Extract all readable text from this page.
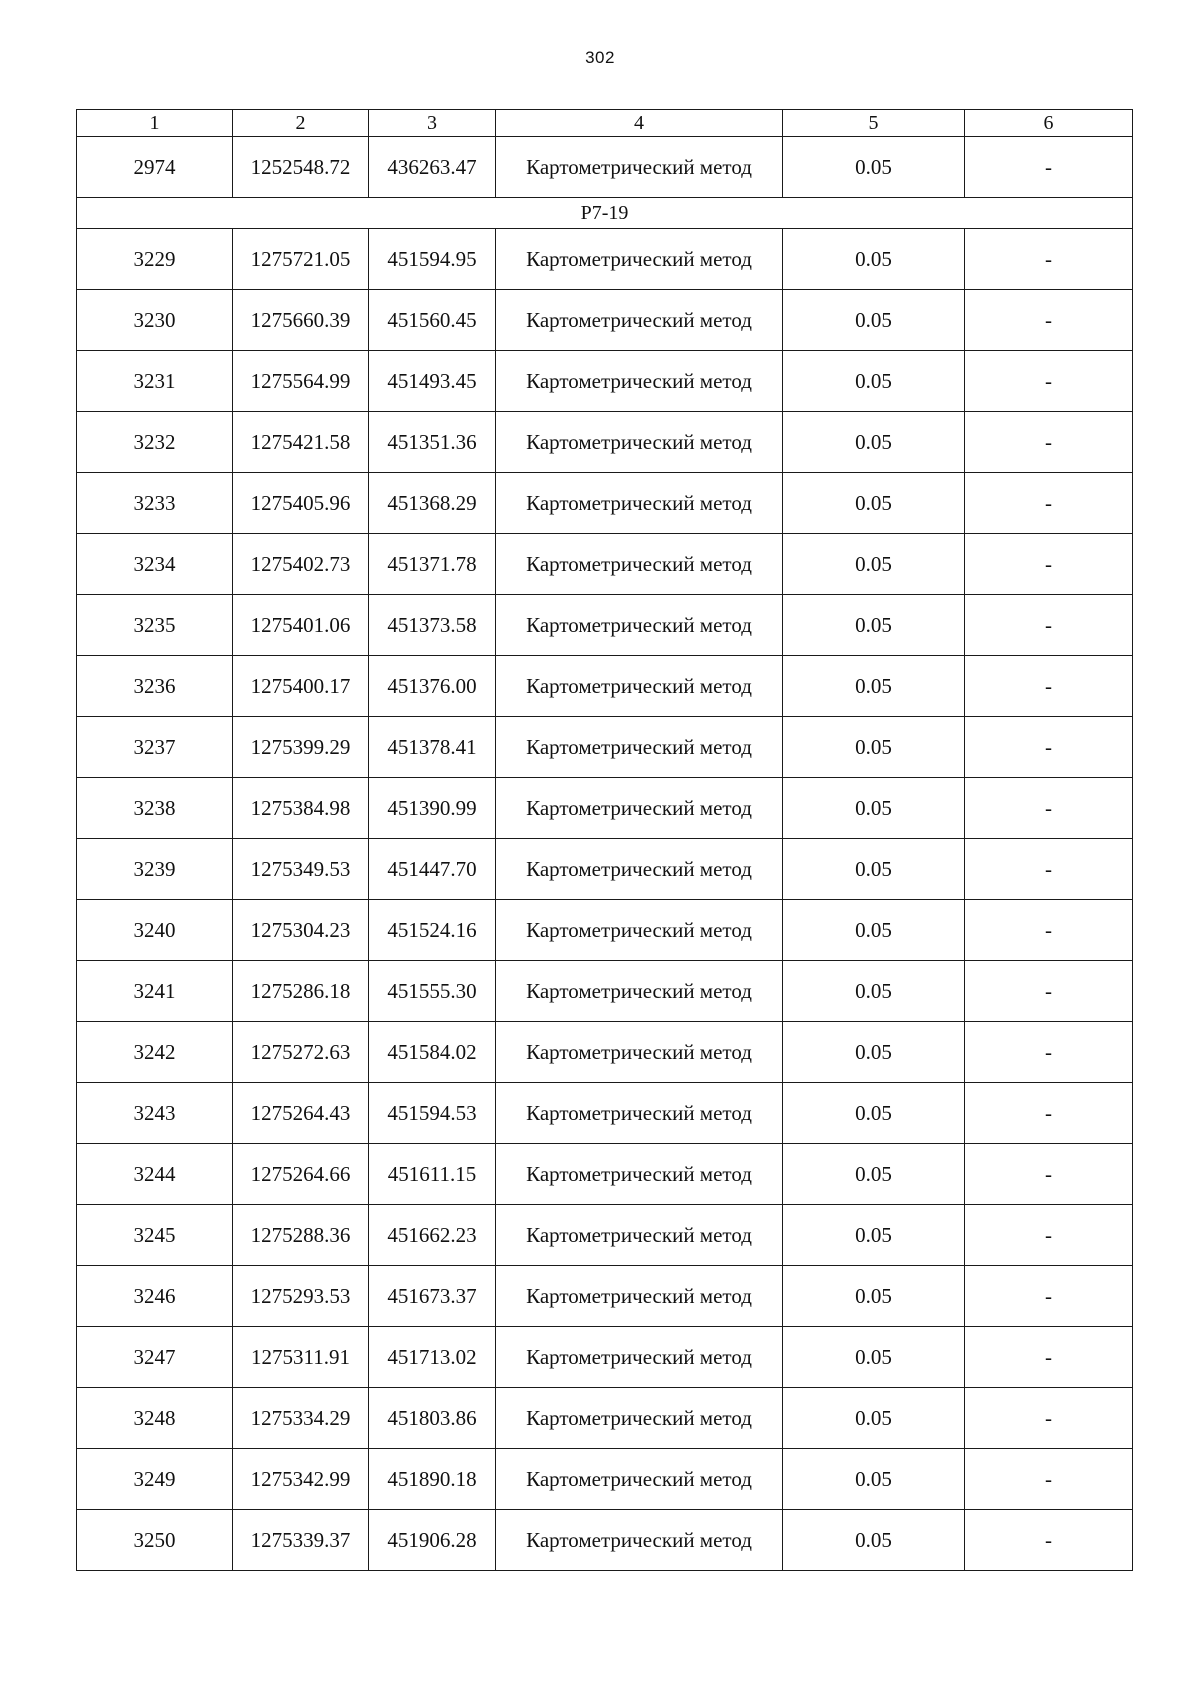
302
1	2	3	4	5	6
2974	1252548.72	436263.47	Картометрический метод	0.05	-
Р7-19					
3229	1275721.05	451594.95	Картометрический метод	0.05	-
3230	1275660.39	451560.45	Картометрический метод	0.05	-
3231	1275564.99	451493.45	Картометрический метод	0.05	-
3232	1275421.58	451351.36	Картометрический метод	0.05	-
3233	1275405.96	451368.29	Картометрический метод	0.05	-
3234	1275402.73	451371.78	Картометрический метод	0.05	-
3235	1275401.06	451373.58	Картометрический метод	0.05	-
3236	1275400.17	451376.00	Картометрический метод	0.05	-
3237	1275399.29	451378.41	Картометрический метод	0.05	-
3238	1275384.98	451390.99	Картометрический метод	0.05	-
3239	1275349.53	451447.70	Картометрический метод	0.05	-
3240	1275304.23	451524.16	Картометрический метод	0.05	-
3241	1275286.18	451555.30	Картометрический метод	0.05	-
3242	1275272.63	451584.02	Картометрический метод	0.05	-
3243	1275264.43	451594.53	Картометрический метод	0.05	-
3244	1275264.66	451611.15	Картометрический метод	0.05	-
3245	1275288.36	451662.23	Картометрический метод	0.05	-
3246	1275293.53	451673.37	Картометрический метод	0.05	-
3247	1275311.91	451713.02	Картометрический метод	0.05	-
3248	1275334.29	451803.86	Картометрический метод	0.05	-
3249	1275342.99	451890.18	Картометрический метод	0.05	-
3250	1275339.37	451906.28	Картометрический метод	0.05	-
